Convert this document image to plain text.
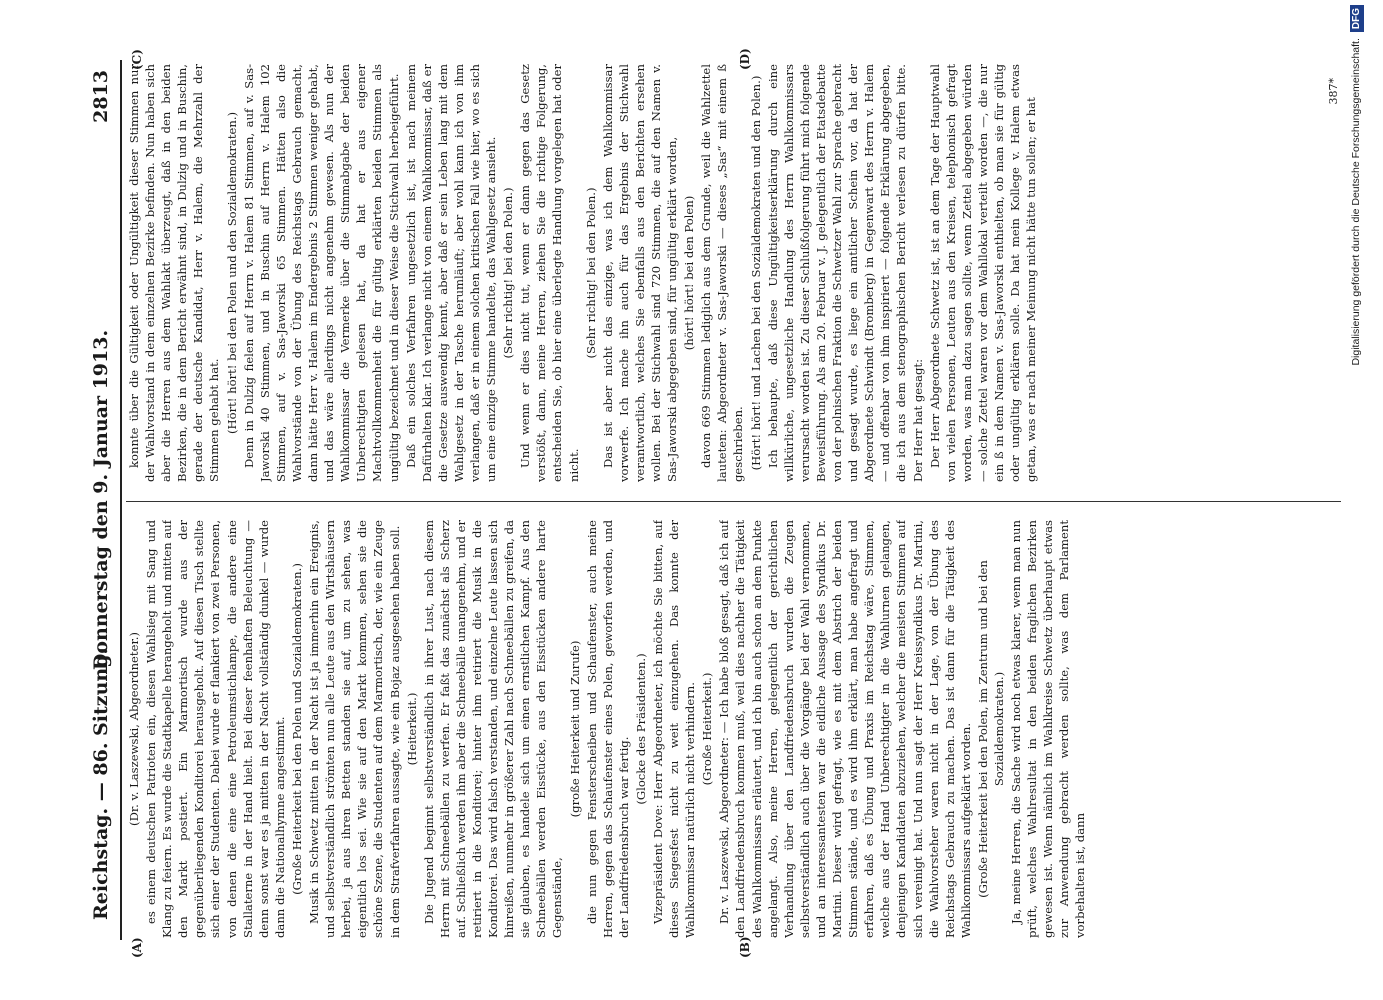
Reichstag. — 86. Sitzung.
Donnerstag den 9. Januar 1913.
2813

(Dr. v. Laszewski, Abgeordneter.) es einem deutschen Patrioten ein, diesen Wahlsieg mit Sang und Klang zu feiern. Es wurde die Stadtkapelle herangeholt und mitten auf den Markt postiert. Ein Marmortisch wurde aus der gegenüberliegenden Konditorei herausgeholt. Auf diesen Tisch stellte sich einer der Studenten. Dabei wurde er flankiert von zwei Personen, von denen die eine eine Petroleumstichlampe, die andere eine Stallaterne in der Hand hielt. Bei dieser feenhaften Beleuchtung — denn sonst war es ja mitten in der Nacht vollständig dunkel — wurde dann die Nationalhymne angestimmt. (Große Heiterkeit bei den Polen und Sozialdemokraten.) Musik in Schwetz mitten in der Nacht ist ja immerhin ein Ereignis, und selbstverständlich strömten nun alle Leute aus den Wirtshäusern herbei, ja aus ihren Betten standen sie auf, um zu sehen, was eigentlich los sei. Wie sie auf den Markt kommen, sehen sie die schöne Szene, die Studenten auf dem Marmortisch, der, wie ein Zeuge in dem Strafverfahren aussagte, wie ein Bojaz ausgesehen haben soll. (Heiterkeit.) Die Jugend beginnt selbstverständlich in ihrer Lust, nach diesem Herrn mit Schneebällen zu werfen. Er faßt das zunächst als Scherz auf. Schließlich werden ihm aber die Schneebälle unangenehm, und er retiriert in die Konditorei; hinter ihm retiriert die Musik in die Konditorei. Das wird falsch verstanden, und einzelne Leute lassen sich hinreißen, nunmehr in größerer Zahl nach Schneebällen zu greifen, da sie glauben, es handele sich um einen ernstlichen Kampf. Aus den Schneebällen werden Eisstücke, aus den Eisstücken andere harte Gegenstände,

(große Heiterkeit und Zurufe) die nun gegen Fensterscheiben und Schaufenster, auch meine Herren, gegen das Schaufenster eines Polen, geworfen werden, und der Landfriedensbruch war fertig.

(Glocke des Präsidenten.) Vizepräsident Dove: Herr Abgeordneter, ich möchte Sie bitten, auf dieses Siegesfest nicht zu weit einzugehen. Das konnte der Wahlkommissar natürlich nicht verhindern. (Große Heiterkeit.) Dr. v. Laszewski, Abgeordneter: — Ich habe bloß gesagt, daß ich auf den Landfriedensbruch kommen muß, weil dies nachher die Tätigkeit des Wahlkommissars erläutert, und ich bin auch schon an dem Punkte angelangt. Also, meine Herren, gelegentlich der gerichtlichen Verhandlung über den Landfriedensbruch wurden die Zeugen selbstverständlich auch über die Vorgänge bei der Wahl vernommen, und an interessantesten war die eidliche Aussage des Syndikus Dr. Martini. Dieser wird gefragt, wie es mit dem Abstrich der beiden Stimmen stände, und es wird ihm erklärt, man habe angefragt und erfahren, daß es Übung und Praxis im Reichstag wäre, Stimmen, welche aus der Hand Unberechtigter in die Wahlurnen gelangen, denjenigen Kandidaten abzuziehen, welcher die meisten Stimmen auf sich vereinigt hat. Und nun sagt der Herr Kreissyndikus Dr. Martini, die Wahlvorsteher waren nicht in der Lage, von der Übung des Reichstags Gebrauch zu machen. Das ist dann für die Tätigkeit des Wahlkommissars aufgeklärt worden. (Große Heiterkeit bei den Polen, im Zentrum und bei den Sozialdemokraten.) Ja, meine Herren, die Sache wird noch etwas klarer, wenn man nun prüft, welches Wahlresultat in den beiden fraglichen Bezirken gewesen ist. Wenn nämlich im Wahlkreise Schwetz überhaupt etwas zur Anwendung gebracht werden sollte, was dem Parlament vorbehalten ist, dann

konnte über die Gültigkeit oder Ungültigkeit dieser Stimmen nur der Wahlvorstand in dem einzelnen Bezirke befinden. Nun haben sich aber die Herren aus dem Wahlakt überzeugt, daß in den beiden Bezirken, die in dem Bericht erwähnt sind, in Dulzig und in Buschin, gerade der deutsche Kandidat, Herr v. Halem, die Mehrzahl der Stimmen gehabt hat. (Hört! hört! bei den Polen und den Sozialdemokraten.) Denn in Dulzig fielen auf Herrn v. Halem 81 Stimmen, auf v. Sas-Jaworski 40 Stimmen, und in Buschin auf Herrn v. Halem 102 Stimmen, auf v. Sas-Jaworski 65 Stimmen. Hätten also die Wahlvorstände von der Übung des Reichstags Gebrauch gemacht, dann hätte Herr v. Halem im Endergebnis 2 Stimmen weniger gehabt, und das wäre allerdings nicht angenehm gewesen. Als nun der Wahlkommissar die Vermerke über die Stimmabgabe der beiden Unberechtigten gelesen hat, da hat er aus eigener Machtvollkommenheit die für gültig erklärten beiden Stimmen als ungültig bezeichnet und in dieser Weise die Stichwahl herbeigeführt. Daß ein solches Verfahren ungesetzlich ist, ist nach meinem Dafürhalten klar. Ich verlange nicht von einem Wahlkommissar, daß er die Gesetze auswendig kennt, aber daß er sein Leben lang mit dem Wahlgesetz in der Tasche herumläuft; aber wohl kann ich von ihm verlangen, daß er in einem solchen kritischen Fall wie hier, wo es sich um eine einzige Stimme handelte, das Wahlgesetz ansieht. (Sehr richtig! bei den Polen.) Und wenn er dies nicht tut, wenn er dann gegen das Gesetz verstößt, dann, meine Herren, ziehen Sie die richtige Folgerung, entscheiden Sie, ob hier eine überlegte Handlung vorgelegen hat oder nicht.

(Sehr richtig! bei den Polen.) Das ist aber nicht das einzige, was ich dem Wahlkommissar vorwerfe. Ich mache ihn auch für das Ergebnis der Stichwahl verantwortlich, welches Sie ebenfalls aus den Berichten ersehen wollen. Bei der Stichwahl sind 720 Stimmen, die auf den Namen v. Sas-Jaworski abgegeben sind, für ungültig erklärt worden, (hört! hört! bei den Polen) davon 669 Stimmen lediglich aus dem Grunde, weil die Wahlzettel lauteten: Abgeordneter v. Sas-Jaworski — dieses „Sas“ mit einem ß geschrieben. (Hört! hört! und Lachen bei den Sozialdemokraten und den Polen.) Ich behaupte, daß diese Ungültigkeitserklärung durch eine willkürliche, ungesetzliche Handlung des Herrn Wahlkommissars verursacht worden ist. Zu dieser Schlußfolgerung führt mich folgende Beweisführung. Als am 20. Februar v. J. gelegentlich der Etatsdebatte von der polnischen Fraktion die Schwetzer Wahl zur Sprache gebracht und gesagt wurde, es liege ein amtlicher Schein vor, da hat der Abgeordnete Schwindt (Bromberg) in Gegenwart des Herrn v. Halem — und offenbar von ihm inspiriert — folgende Erklärung abgegeben, die ich aus dem stenographischen Bericht verlesen zu dürfen bitte. Der Herr hat gesagt: Der Herr Abgeordnete Schwetz ist, ist an dem Tage der Hauptwahl von vielen Personen, Leuten aus den Kreisen, telephonisch gefragt worden, was man dazu sagen sollte, wenn Zettel abgegeben würden — solche Zettel waren vor dem Wahllokal verteilt worden —, die nur ein ß in dem Namen v. Sas-Jaworski enthielten, ob man sie für gültig oder ungültig erklären solle. Da hat mein Kollege v. Halem etwas getan, was er nach meiner Meinung nicht hätte tun sollen; er hat

(A)	(B)
(C)	(D)
387* Digitalisierung gefördert durch die Deutsche Forschungsgemeinschaft.DFG
